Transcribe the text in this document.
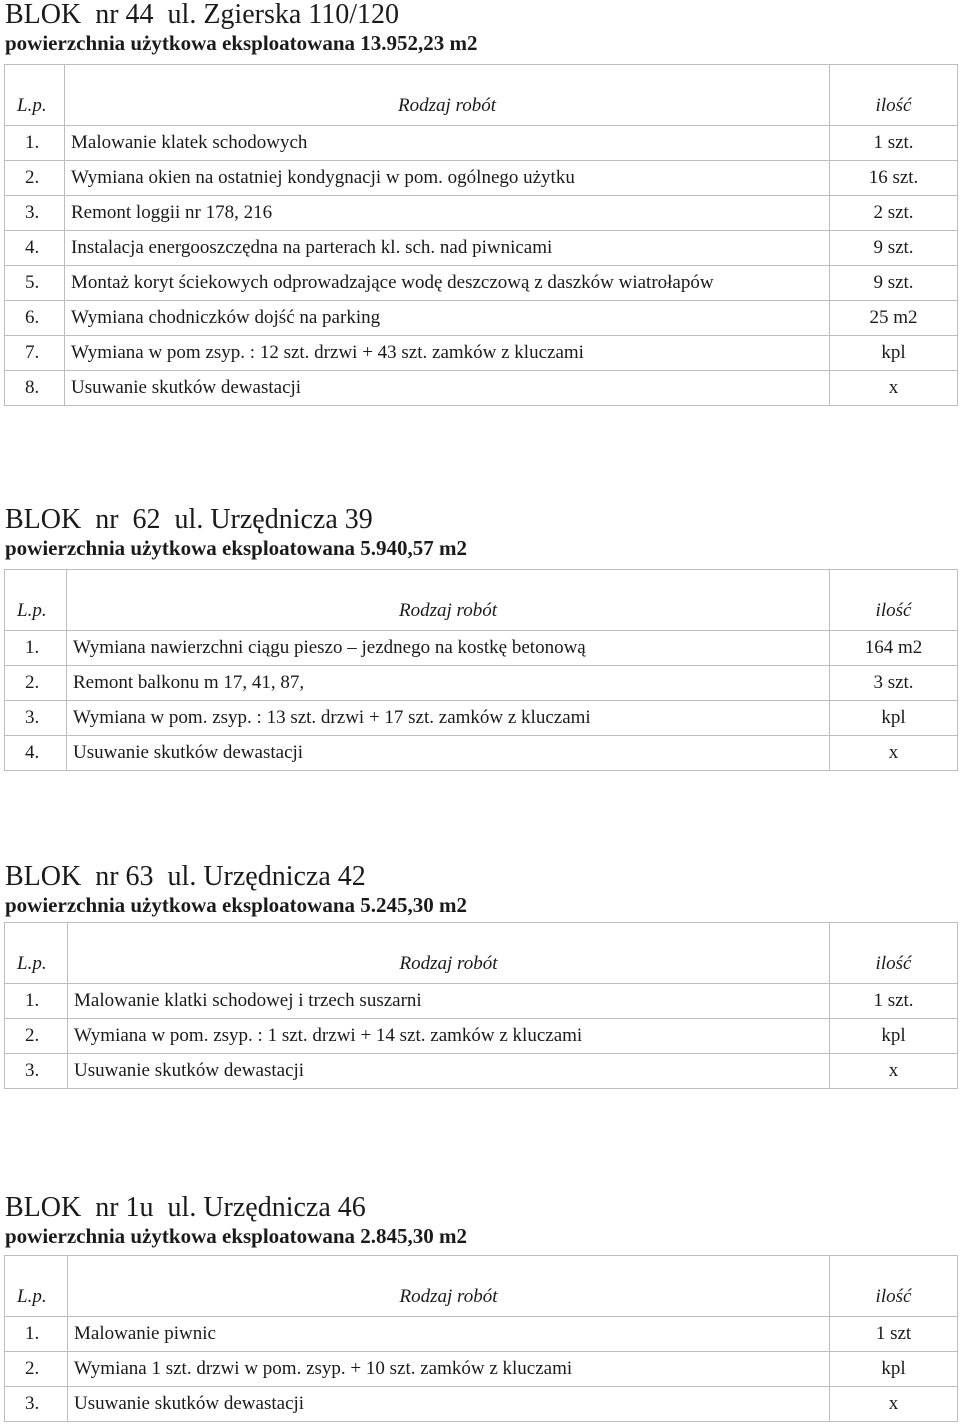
BLOK  nr 44  ul. Zgierska 110/120
powierzchnia użytkowa eksploatowana 13.952,23 m2
L.p.	Rodzaj robót	ilość
1.	Malowanie klatek schodowych	1 szt.
2.	Wymiana okien na ostatniej kondygnacji w pom. ogólnego użytku	16 szt.
3.	Remont loggii nr 178, 216	2 szt.
4.	Instalacja energooszczędna na parterach kl. sch. nad piwnicami	9 szt.
5.	Montaż koryt ściekowych odprowadzające wodę deszczową z daszków wiatrołapów	9 szt.
6.	Wymiana chodniczków dojść na parking	25 m2
7.	Wymiana w pom zsyp. : 12 szt. drzwi + 43 szt. zamków z kluczami	kpl
8.	Usuwanie skutków dewastacji	x
BLOK  nr  62  ul. Urzędnicza 39
powierzchnia użytkowa eksploatowana 5.940,57 m2
L.p.	Rodzaj robót	ilość
1.	Wymiana nawierzchni ciągu pieszo – jezdnego na kostkę betonową	164 m2
2.	Remont balkonu m 17, 41, 87,	3 szt.
3.	Wymiana w pom. zsyp. : 13 szt. drzwi + 17 szt. zamków z kluczami	kpl
4.	Usuwanie skutków dewastacji	x
BLOK  nr 63  ul. Urzędnicza 42
powierzchnia użytkowa eksploatowana 5.245,30 m2
L.p.	Rodzaj robót	ilość
1.	Malowanie klatki schodowej i trzech suszarni	1 szt.
2.	Wymiana w pom. zsyp. : 1 szt. drzwi + 14 szt. zamków z kluczami	kpl
3.	Usuwanie skutków dewastacji	x
BLOK  nr 1u  ul. Urzędnicza 46
powierzchnia użytkowa eksploatowana 2.845,30 m2
L.p.	Rodzaj robót	ilość
1.	Malowanie piwnic	1 szt
2.	Wymiana 1 szt. drzwi w pom. zsyp. + 10 szt. zamków z kluczami	kpl
3.	Usuwanie skutków dewastacji	x
